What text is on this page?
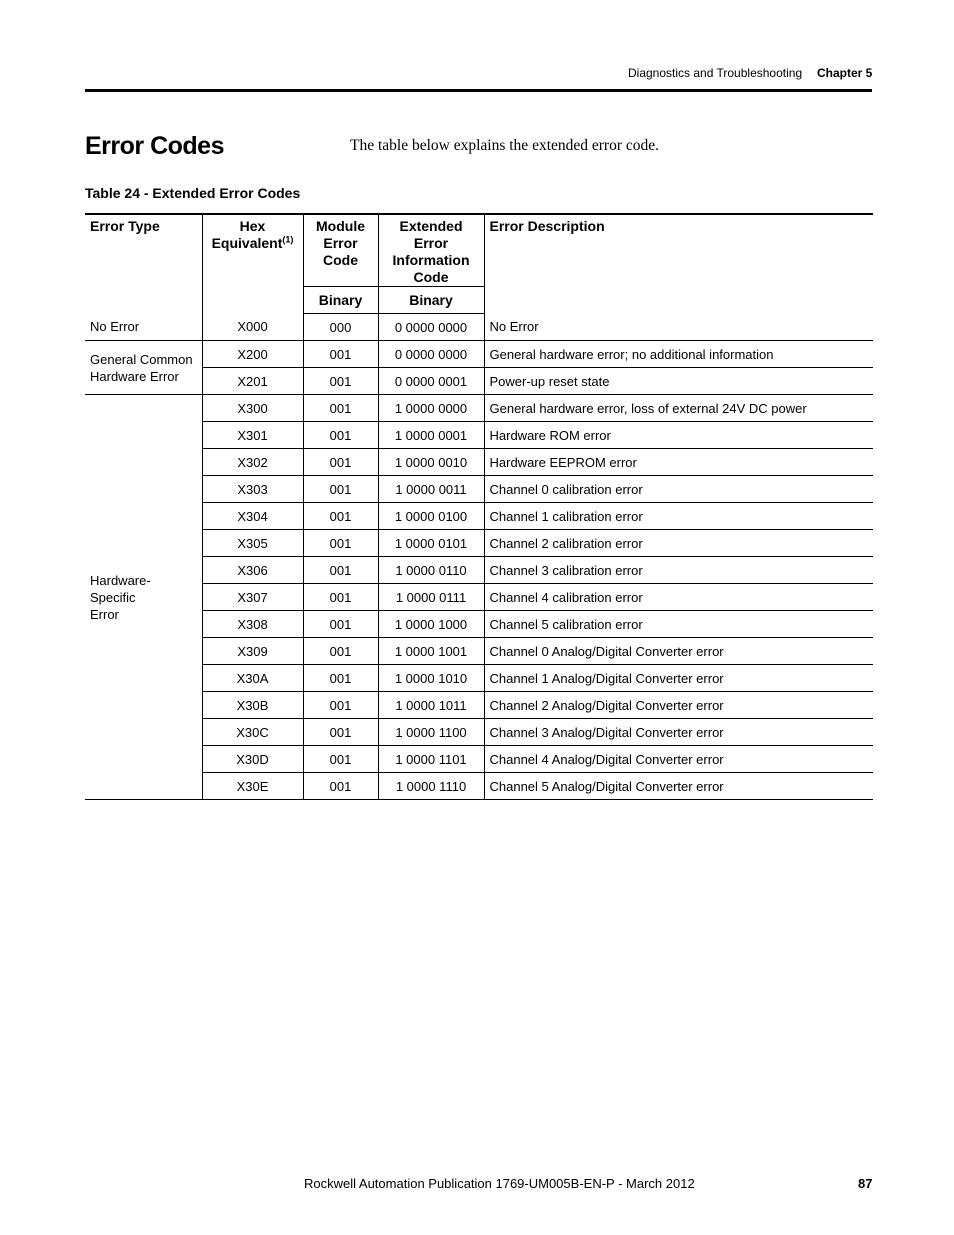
Diagnostics and Troubleshooting Chapter 5
Error Codes	The table below explains the extended error code.
Table 24 - Extended Error Codes
Error Type	Hex Equivalent$^{(1)}$	Module Error Code	Extended Error Information Code	Error Description
		Binary	Binary	
No Error	X000	000	0 0000 0000	No Error
General Common Hardware Error	X200	001	0 0000 0000	General hardware error; no additional information
	X201	001	0 0000 0001	Power-up reset state
Hardware-Specific Error	X300	001	1 0000 0000	General hardware error, loss of external 24V DC power
	X301	001	1 0000 0001	Hardware ROM error
	X302	001	1 0000 0010	Hardware EEPROM error
	X303	001	1 0000 0011	Channel 0 calibration error
	X304	001	1 0000 0100	Channel 1 calibration error
	X305	001	1 0000 0101	Channel 2 calibration error
	X306	001	1 0000 0110	Channel 3 calibration error
	X307	001	1 0000 0111	Channel 4 calibration error
	X308	001	1 0000 1000	Channel 5 calibration error
	X309	001	1 0000 1001	Channel 0 Analog/Digital Converter error
	X30A	001	1 0000 1010	Channel 1 Analog/Digital Converter error
	X30B	001	1 0000 1011	Channel 2 Analog/Digital Converter error
	X30C	001	1 0000 1100	Channel 3 Analog/Digital Converter error
	X30D	001	1 0000 1101	Channel 4 Analog/Digital Converter error
	X30E	001	1 0000 1110	Channel 5 Analog/Digital Converter error
Rockwell Automation Publication 1769-UM005B-EN-P - March 2012	87
